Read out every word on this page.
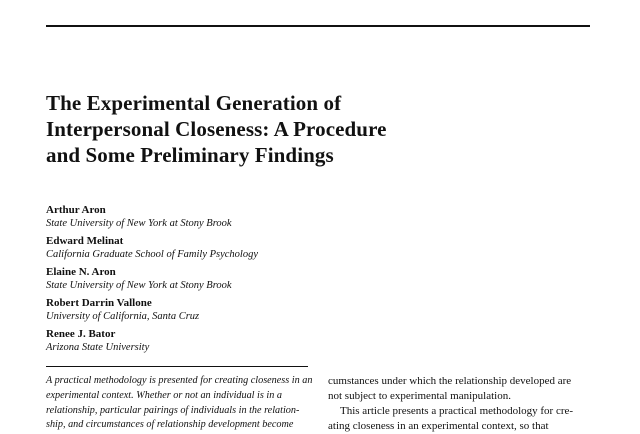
The Experimental Generation of
Interpersonal Closeness: A Procedure
and Some Preliminary Findings
Arthur Aron
State University of New York at Stony Brook
Edward Melinat
California Graduate School of Family Psychology
Elaine N. Aron
State University of New York at Stony Brook
Robert Darrin Vallone
University of California, Santa Cruz
Renee J. Bator
Arizona State University
A practical methodology is presented for creating closeness in an
experimental context. Whether or not an individual is in a
relationship, particular pairings of individuals in the relation-
ship, and circumstances of relationship development become
cumstances under which the relationship developed are
not subject to experimental manipulation.
This article presents a practical methodology for cre-
ating closeness in an experimental context, so that
